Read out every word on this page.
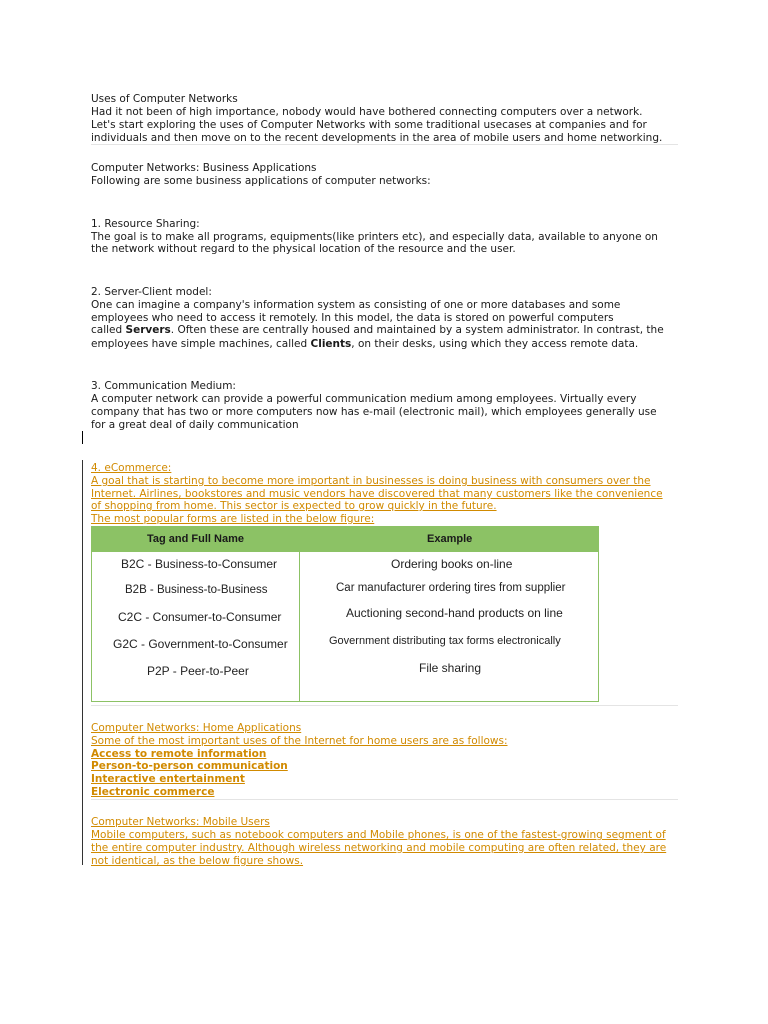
Uses of Computer Networks
Had it not been of high importance, nobody would have bothered connecting computers over a network.
Let's start exploring the uses of Computer Networks with some traditional usecases at companies and for
individuals and then move on to the recent developments in the area of mobile users and home networking.
Computer Networks: Business Applications
Following are some business applications of computer networks:
1. Resource Sharing:
The goal is to make all programs, equipments(like printers etc), and especially data, available to anyone on
the network without regard to the physical location of the resource and the user.
2. Server-Client model:
One can imagine a company's information system as consisting of one or more databases and some
employees who need to access it remotely. In this model, the data is stored on powerful computers
called Servers. Often these are centrally housed and maintained by a system administrator. In contrast, the
employees have simple machines, called Clients, on their desks, using which they access remote data.
3. Communication Medium:
A computer network can provide a powerful communication medium among employees. Virtually every
company that has two or more computers now has e-mail (electronic mail), which employees generally use
for a great deal of daily communication
4. eCommerce:
A goal that is starting to become more important in businesses is doing business with consumers over the
Internet. Airlines, bookstores and music vendors have discovered that many customers like the convenience
of shopping from home. This sector is expected to grow quickly in the future.
The most popular forms are listed in the below figure:
Tag and Full Name	Example
B2C - Business-to-Consumer	Ordering books on-line
B2B - Business-to-Business	Car manufacturer ordering tires from supplier
C2C - Consumer-to-Consumer	Auctioning second-hand products on line
G2C - Government-to-Consumer	Government distributing tax forms electronically
P2P - Peer-to-Peer	File sharing
Computer Networks: Home Applications
Some of the most important uses of the Internet for home users are as follows:
Access to remote information
Person-to-person communication
Interactive entertainment
Electronic commerce
Computer Networks: Mobile Users
Mobile computers, such as notebook computers and Mobile phones, is one of the fastest-growing segment of
the entire computer industry. Although wireless networking and mobile computing are often related, they are
not identical, as the below figure shows.
